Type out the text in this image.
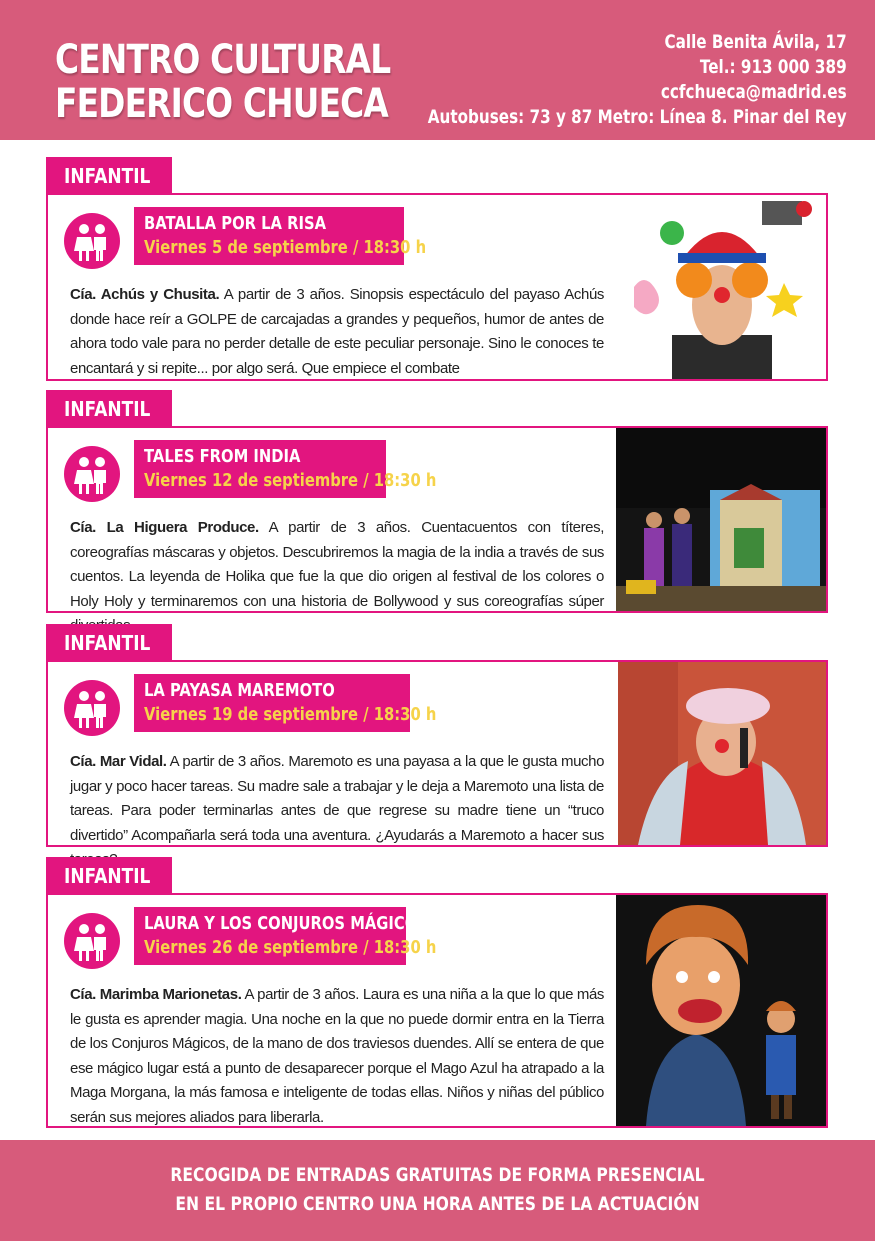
CENTRO CULTURAL
FEDERICO CHUECA
Calle Benita Ávila, 17
Tel.: 913 000 389
ccfchueca@madrid.es
Autobuses: 73 y 87 Metro: Línea 8. Pinar del Rey
INFANTIL
BATALLA POR LA RISA
Viernes 5 de septiembre / 18:30 h
Cía. Achús y Chusita. A partir de 3 años. Sinopsis espectáculo del payaso Achús donde hace reír a GOLPE de carcajadas a grandes y pequeños, humor de antes de ahora todo vale para no perder detalle de este peculiar personaje. Sino le conoces te encantará y si repite... por algo será. Que empiece el combate
INFANTIL
TALES FROM INDIA
Viernes 12 de septiembre / 18:30 h
Cía. La Higuera Produce. A partir de 3 años. Cuentacuentos con títeres, coreografías máscaras y objetos. Descubriremos la magia de la india a través de sus cuentos. La leyenda de Holika que fue la que dio origen al festival de los colores o Holy Holy y terminaremos con una historia de Bollywood y sus coreografías súper
INFANTIL
LA PAYASA MAREMOTO
Viernes 19 de septiembre / 18:30 h
Cía. Mar Vidal. A partir de 3 años. Maremoto es una payasa a la que le gusta mucho jugar y poco hacer tareas. Su madre sale a trabajar y le deja a Maremoto una lista de tareas. Para poder terminarlas antes de que regrese su madre tiene un “truco divertido” Acompañarla será toda una aventura. ¿Ayudarás a Maremoto a hacer sus
INFANTIL
LAURA Y LOS CONJUROS MÁGICOS
Viernes 26 de septiembre / 18:30 h
Cía. Marimba Marionetas. A partir de 3 años. Laura es una niña a la que lo que más le gusta es aprender magia. Una noche en la que no puede dormir entra en la Tierra de los Conjuros Mágicos, de la mano de dos traviesos duendes. Allí se entera de que ese mágico lugar está a punto de desaparecer porque el Mago Azul ha atrapado a la Maga Morgana, la más famosa e inteligente de todas ellas. Niños y niñas del público serán sus mejores aliados para liberarla.
RECOGIDA DE ENTRADAS GRATUITAS DE FORMA PRESENCIAL
EN EL PROPIO CENTRO UNA HORA ANTES DE LA ACTUACIÓN
